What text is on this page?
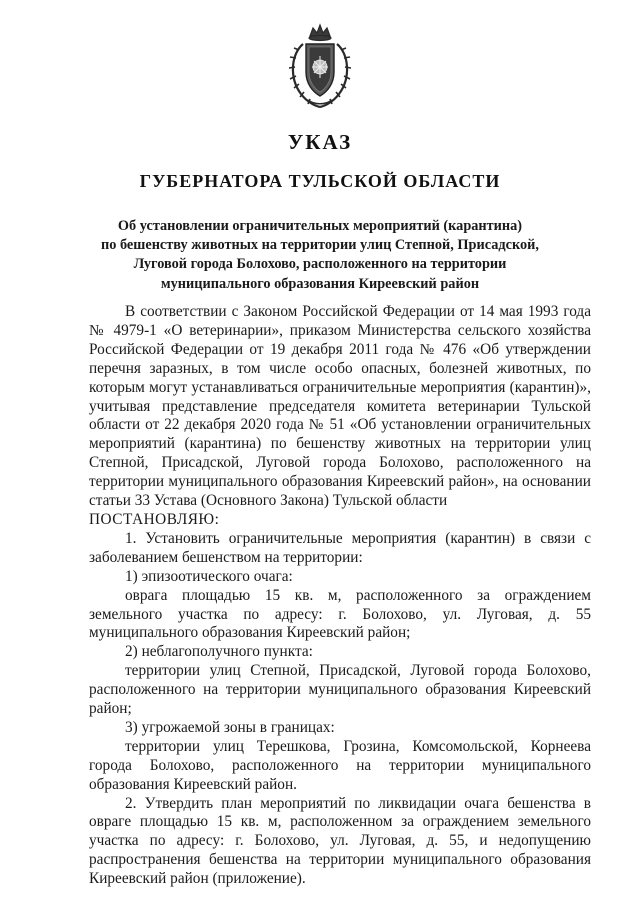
УКАЗ
ГУБЕРНАТОРА ТУЛЬСКОЙ ОБЛАСТИ
Об установлении ограничительных мероприятий (карантина)
по бешенству животных на территории улиц Степной, Присадской,
Луговой города Болохово, расположенного на территории
муниципального образования Киреевский район

В соответствии с Законом Российской Федерации от 14 мая 1993 года № 4979-1 «О ветеринарии», приказом Министерства сельского хозяйства Российской Федерации от 19 декабря 2011 года № 476 «Об утверждении перечня заразных, в том числе особо опасных, болезней животных, по которым могут устанавливаться ограничительные мероприятия (карантин)», учитывая представление председателя комитета ветеринарии Тульской области от 22 декабря 2020 года № 51 «Об установлении ограничительных мероприятий (карантина) по бешенству животных на территории улиц Степной, Присадской, Луговой города Болохово, расположенного на территории муниципального образования Киреевский район», на основании статьи 33 Устава (Основного Закона) Тульской области

ПОСТАНОВЛЯЮ:

1. Установить ограничительные мероприятия (карантин) в связи с заболеванием бешенством на территории:

1) эпизоотического очага:

оврага площадью 15 кв. м, расположенного за ограждением земельного участка по адресу: г. Болохово, ул. Луговая, д. 55 муниципального образования Киреевский район;

2) неблагополучного пункта:

территории улиц Степной, Присадской, Луговой города Болохово, расположенного на территории муниципального образования Киреевский район;

3) угрожаемой зоны в границах:

территории улиц Терешкова, Грозина, Комсомольской, Корнеева города Болохово, расположенного на территории муниципального образования Киреевский район.

2. Утвердить план мероприятий по ликвидации очага бешенства в овраге площадью 15 кв. м, расположенном за ограждением земельного участка по адресу: г. Болохово, ул. Луговая, д. 55, и недопущению распространения бешенства на территории муниципального образования Киреевский район (приложение).
